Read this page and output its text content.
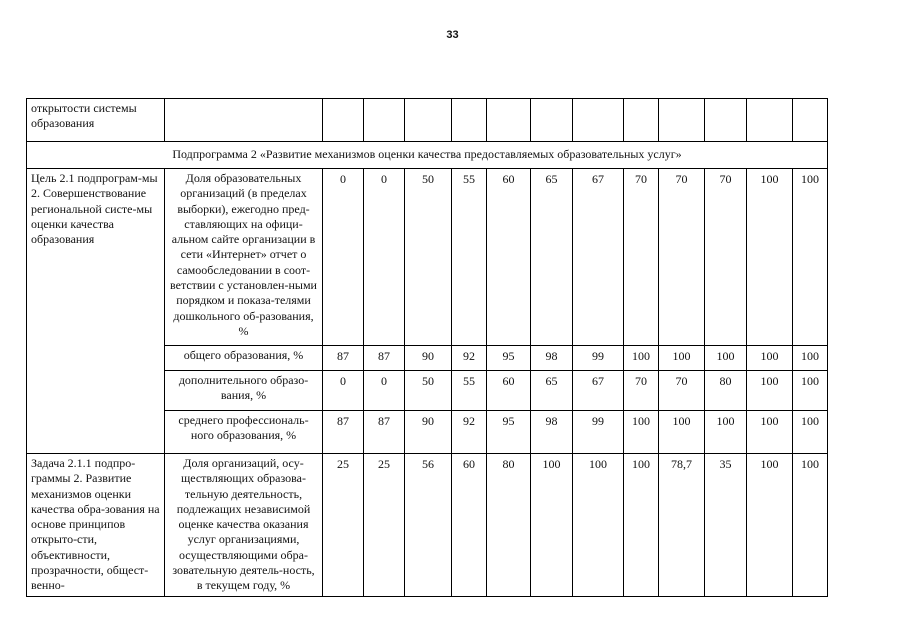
33
открытости системы образования													
Подпрограмма 2 «Развитие механизмов оценки качества предоставляемых образовательных услуг»													
Цель 2.1 подпрограм-мы 2. Совершенствование региональной систе-мы оценки качества образования	Доля образовательных организаций (в пределах выборки), ежегодно пред-ставляющих на офици-альном сайте организации в сети «Интернет» отчет о самообследовании в соот-ветствии с установлен-ными порядком и показа-телями дошкольного об-разования, %	0	0	50	55	60	65	67	70	70	70	100	100
	общего образования, %	87	87	90	92	95	98	99	100	100	100	100	100
	дополнительного образо-вания, %	0	0	50	55	60	65	67	70	70	80	100	100
	среднего профессиональ-ного образования, %	87	87	90	92	95	98	99	100	100	100	100	100
Задача 2.1.1 подпро-граммы 2. Развитие механизмов оценки качества обра-зования на основе принципов открыто-сти, объективности, прозрачности, общест-венно-	Доля организаций, осу-ществляющих образова-тельную деятельность, подлежащих независимой оценке качества оказания услуг организациями, осуществляющими обра-зовательную деятель-ность, в текущем году, %	25	25	56	60	80	100	100	100	78,7	35	100	100
